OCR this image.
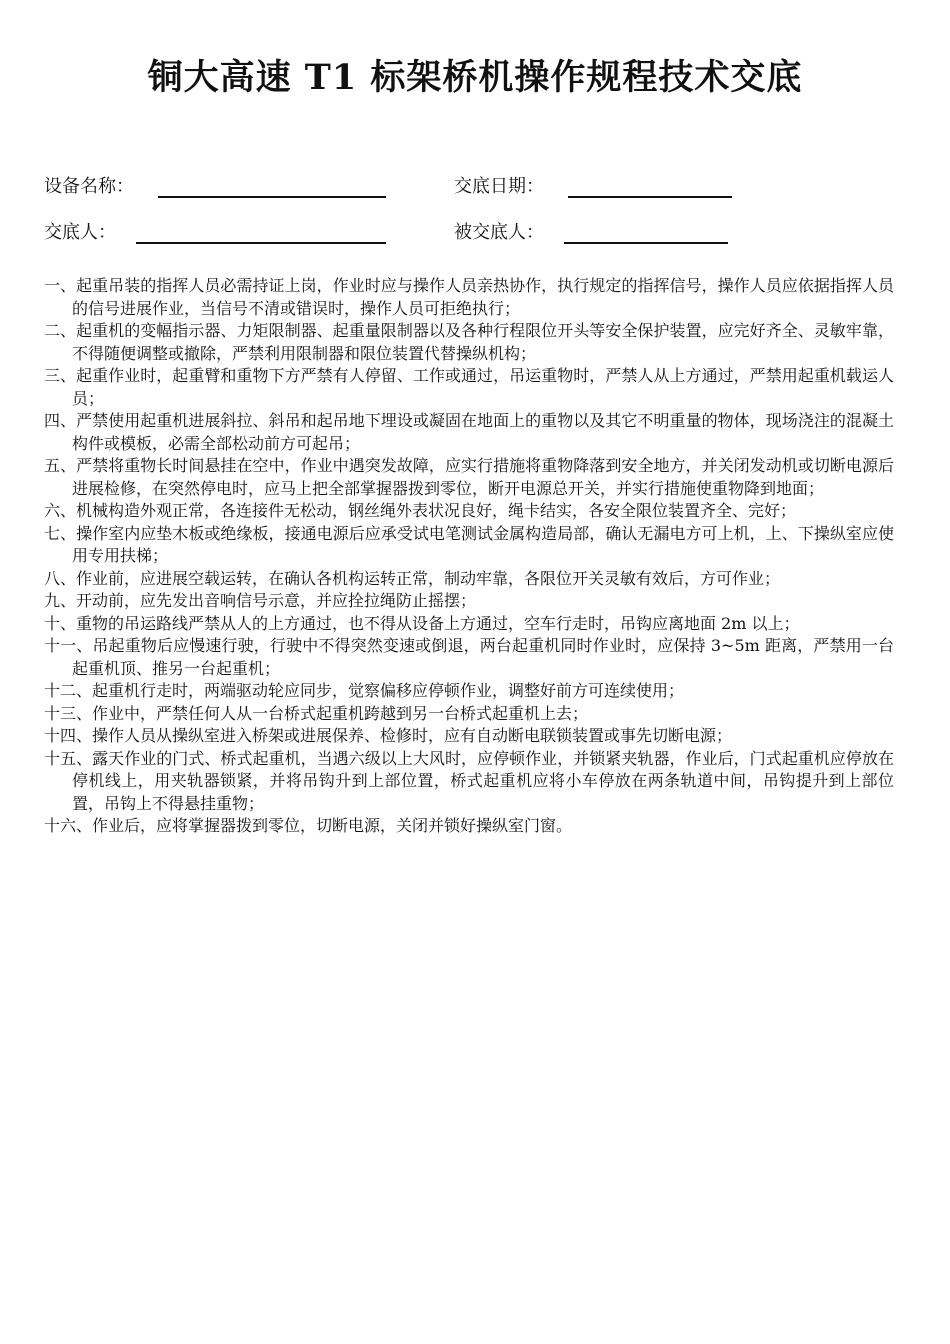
铜大高速 T1 标架桥机操作规程技术交底
设备名称：	交底日期：
交底人：	被交底人：
一、起重吊装的指挥人员必需持证上岗，作业时应与操作人员亲热协作，执行规定的指挥信号，操作人员应依据指挥人员的信号进展作业，当信号不清或错误时，操作人员可拒绝执行；
二、起重机的变幅指示器、力矩限制器、起重量限制器以及各种行程限位开头等安全保护装置，应完好齐全、灵敏牢靠，不得随便调整或撤除，严禁利用限制器和限位装置代替操纵机构；
三、起重作业时，起重臂和重物下方严禁有人停留、工作或通过，吊运重物时，严禁人从上方通过，严禁用起重机载运人员；
四、严禁使用起重机进展斜拉、斜吊和起吊地下埋设或凝固在地面上的重物以及其它不明重量的物体，现场浇注的混凝土构件或模板，必需全部松动前方可起吊；
五、严禁将重物长时间悬挂在空中，作业中遇突发故障，应实行措施将重物降落到安全地方，并关闭发动机或切断电源后进展检修，在突然停电时，应马上把全部掌握器拨到零位，断开电源总开关，并实行措施使重物降到地面；
六、机械构造外观正常，各连接件无松动，钢丝绳外表状况良好，绳卡结实，各安全限位装置齐全、完好；
七、操作室内应垫木板或绝缘板，接通电源后应承受试电笔测试金属构造局部，确认无漏电方可上机，上、下操纵室应使用专用扶梯；
八、作业前，应进展空载运转，在确认各机构运转正常，制动牢靠，各限位开关灵敏有效后，方可作业；
九、开动前，应先发出音响信号示意，并应拴拉绳防止摇摆；
十、重物的吊运路线严禁从人的上方通过，也不得从设备上方通过，空车行走时，吊钩应离地面 2m 以上；
十一、吊起重物后应慢速行驶，行驶中不得突然变速或倒退，两台起重机同时作业时，应保持 3~5m 距离，严禁用一台起重机顶、推另一台起重机；
十二、起重机行走时，两端驱动轮应同步，觉察偏移应停顿作业，调整好前方可连续使用；
十三、作业中，严禁任何人从一台桥式起重机跨越到另一台桥式起重机上去；
十四、操作人员从操纵室进入桥架或进展保养、检修时，应有自动断电联锁装置或事先切断电源；
十五、露天作业的门式、桥式起重机，当遇六级以上大风时，应停顿作业，并锁紧夹轨器，作业后，门式起重机应停放在停机线上，用夹轨器锁紧，并将吊钩升到上部位置，桥式起重机应将小车停放在两条轨道中间，吊钩提升到上部位置，吊钩上不得悬挂重物；
十六、作业后，应将掌握器拨到零位，切断电源，关闭并锁好操纵室门窗。
